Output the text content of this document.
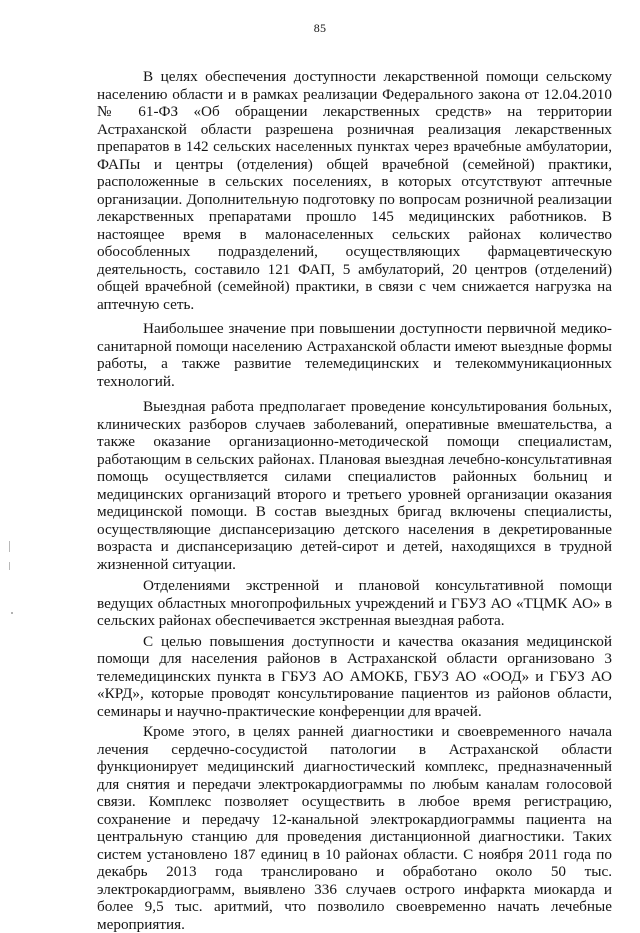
85

В целях обеспечения доступности лекарственной помощи сельскому населению области и в рамках реализации Федерального закона от 12.04.2010 № 61-ФЗ «Об обращении лекарственных средств» на территории Астраханской области разрешена розничная реализация лекарственных препаратов в 142 сельских населенных пунктах через врачебные амбулатории, ФАПы и центры (отделения) общей врачебной (семейной) практики, расположенные в сельских поселениях, в которых отсутствуют аптечные организации. Дополнительную подготовку по вопросам розничной реализации лекарственных препаратами прошло 145 медицинских работников. В настоящее время в малонаселенных сельских районах количество обособленных подразделений, осуществляющих фармацевтическую деятельность, составило 121 ФАП, 5 амбулаторий, 20 центров (отделений) общей врачебной (семейной) практики, в связи с чем снижается нагрузка на аптечную сеть.

Наибольшее значение при повышении доступности первичной медико-санитарной помощи населению Астраханской области имеют выездные формы работы, а также развитие телемедицинских и телекоммуникационных технологий.

Выездная работа предполагает проведение консультирования больных, клинических разборов случаев заболеваний, оперативные вмешательства, а также оказание организационно-методической помощи специалистам, работающим в сельских районах. Плановая выездная лечебно-консультативная помощь осуществляется силами специалистов районных больниц и медицинских организаций второго и третьего уровней организации оказания медицинской помощи. В состав выездных бригад включены специалисты, осуществляющие диспансеризацию детского населения в декретированные возраста и диспансеризацию детей-сирот и детей, находящихся в трудной жизненной ситуации.

Отделениями экстренной и плановой консультативной помощи ведущих областных многопрофильных учреждений и ГБУЗ АО «ТЦМК АО» в сельских районах обеспечивается экстренная выездная работа.

С целью повышения доступности и качества оказания медицинской помощи для населения районов в Астраханской области организовано 3 телемедицинских пункта в ГБУЗ АО АМОКБ, ГБУЗ АО «ООД» и ГБУЗ АО «КРД», которые проводят консультирование пациентов из районов области, семинары и научно-практические конференции для врачей.

Кроме этого, в целях ранней диагностики и своевременного начала лечения сердечно-сосудистой патологии в Астраханской области функционирует медицинский диагностический комплекс, предназначенный для снятия и передачи электрокардиограммы по любым каналам голосовой связи. Комплекс позволяет осуществить в любое время регистрацию, сохранение и передачу 12-канальной электрокардиограммы пациента на центральную станцию для проведения дистанционной диагностики. Таких систем установлено 187 единиц в 10 районах области. С ноября 2011 года по декабрь 2013 года транслировано и обработано около 50 тыс. электрокардиограмм, выявлено 336 случаев острого инфаркта миокарда и более 9,5 тыс. аритмий, что позволило своевременно начать лечебные мероприятия.
